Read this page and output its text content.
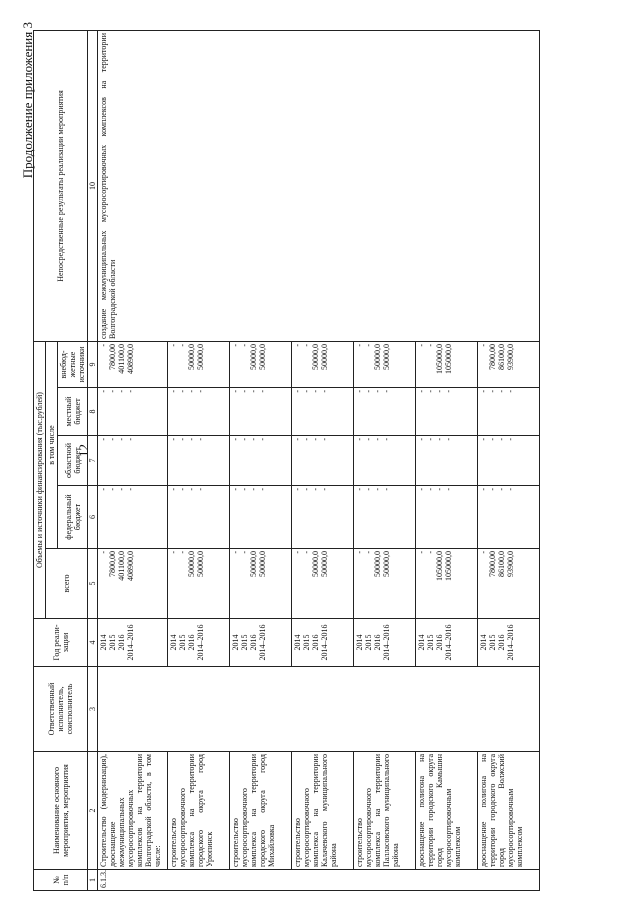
Продолжение приложения 3
12
№ п/п	Наименование основного мероприятия, мероприятия	Ответственный исполнитель, соисполнитель	Год реали-зации	Объемы и источники финансирования (тыс.рублей)					Непосредственные результаты реализации мероприятия
				всего	в том числе				
					федеральный бюджет	областной бюджет	местный бюджет	внебюд-жетные источники	
1	2	3	4	5	6	7	8	9	10
6.1.3.	Строительство (модернизация), дооснащение межмуниципальных мусоросортировочных комплексов на территории Волгоградской области, в том числе:		2014
2015
2016
2014–2016	-
7800,00
401100,0
408900,0	-
-
-
-	-
-
-
-	-
-
-
-	-
7800,00
401100,0
408900,0	создание межмуниципальных мусоросортировочных комплексов на территории Волгоградской области
	строительство мусоросортировочного комплекса на территории городского округа город Урюпинск		2014
2015
2016
2014–2016	-
-
50000,0
50000,0	-
-
-
-	-
-
-
-	-
-
-
-	-
-
50000,0
50000,0	
	строительство мусоросортировочного комплекса на территории городского округа город Михайловка		2014
2015
2016
2014–2016	-
-
50000,0
50000,0	-
-
-
-	-
-
-
-	-
-
-
-	-
-
50000,0
50000,0	
	строительство мусоросортировочного комплекса на территории Калачевского муниципального района		2014
2015
2016
2014–2016	-
-
50000,0
50000,0	-
-
-
-	-
-
-
-	-
-
-
-	-
-
50000,0
50000,0	
	строительство мусоросортировочного комплекса на территории Палласовского муниципального района		2014
2015
2016
2014–2016	-
-
50000,0
50000,0	-
-
-
-	-
-
-
-	-
-
-
-	-
-
50000,0
50000,0	
	дооснащение полигона на территории городского округа город Камышин мусоросортировочным комплексом		2014
2015
2016
2014–2016	-
-
105000,0
105000,0	-
-
-
-	-
-
-
-	-
-
-
-	-
-
105000,0
105000,0	
	дооснащение полигона на территории городского округа город Волжский мусоросортировочным комплексом		2014
2015
2016
2014–2016	-
7800,00
86100,0
93900,0	-
-
-
-	-
-
-
-	-
-
-
-	-
7800,00
86100,0
93900,0	
